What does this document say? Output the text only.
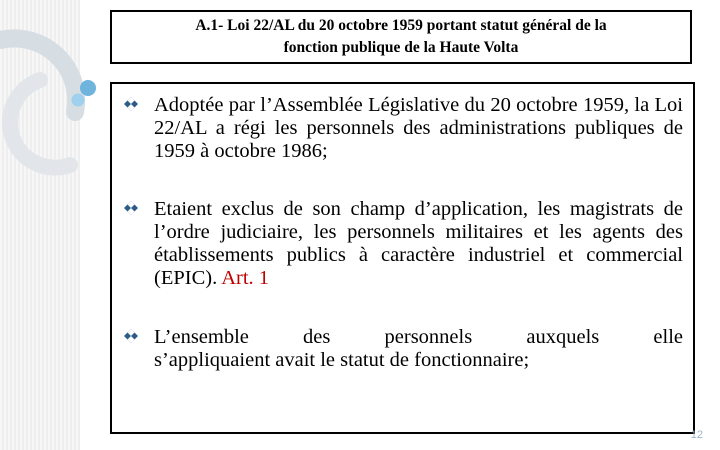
A.1- Loi 22/AL du 20 octobre 1959 portant statut général de la
fonction publique de la Haute Volta
Adoptée par l’Assemblée Législative du 20 octobre 1959, la Loi 22/AL a régi les personnels des administrations publiques de 1959 à octobre 1986;
Etaient exclus de son champ d’application, les magistrats de l’ordre judiciaire, les personnels militaires et les agents des établissements publics à caractère industriel et commercial (EPIC). Art. 1
L’ensemble des personnels auxquels elle
s’appliquaient avait le statut de fonctionnaire;
12
